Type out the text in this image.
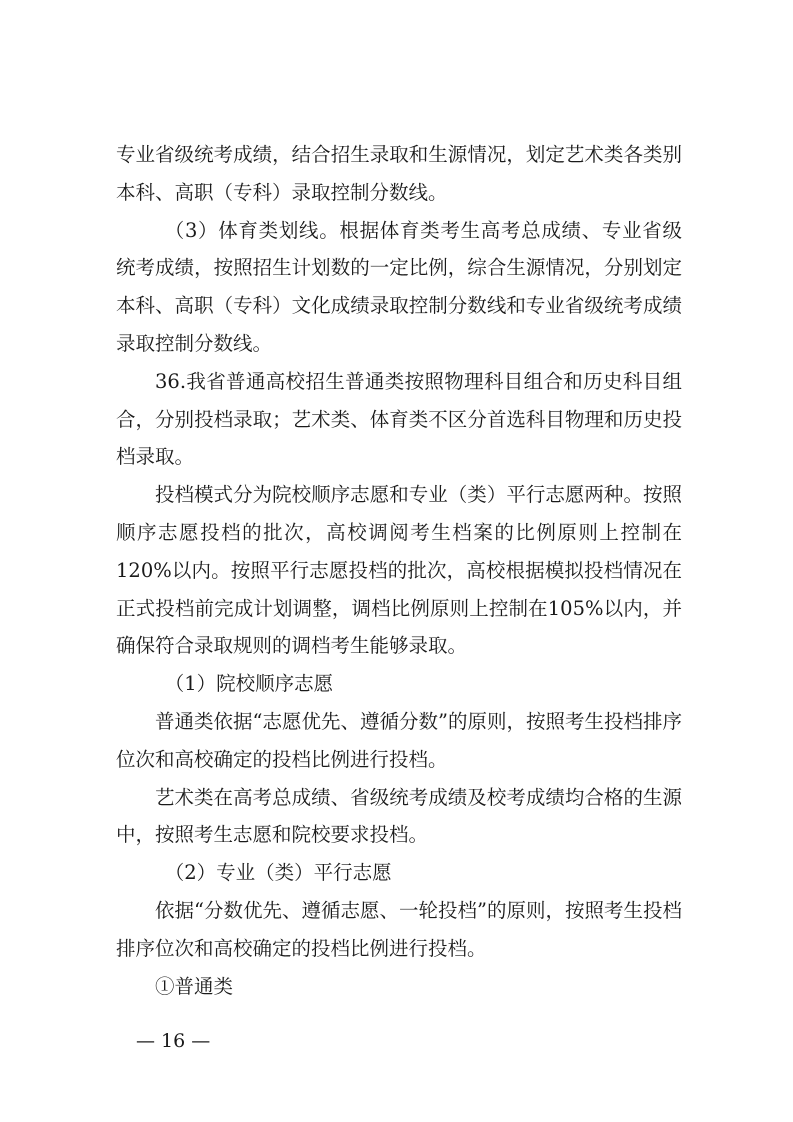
专业省级统考成绩，结合招生录取和生源情况，划定艺术类各类别本科、高职（专科）录取控制分数线。

（3）体育类划线。根据体育类考生高考总成绩、专业省级统考成绩，按照招生计划数的一定比例，综合生源情况，分别划定本科、高职（专科）文化成绩录取控制分数线和专业省级统考成绩录取控制分数线。

36.我省普通高校招生普通类按照物理科目组合和历史科目组合，分别投档录取；艺术类、体育类不区分首选科目物理和历史投档录取。

投档模式分为院校顺序志愿和专业（类）平行志愿两种。按照顺序志愿投档的批次，高校调阅考生档案的比例原则上控制在120%以内。按照平行志愿投档的批次，高校根据模拟投档情况在正式投档前完成计划调整，调档比例原则上控制在105%以内，并确保符合录取规则的调档考生能够录取。

（1）院校顺序志愿

普通类依据“志愿优先、遵循分数”的原则，按照考生投档排序位次和高校确定的投档比例进行投档。

艺术类在高考总成绩、省级统考成绩及校考成绩均合格的生源中，按照考生志愿和院校要求投档。

（2）专业（类）平行志愿

依据“分数优先、遵循志愿、一轮投档”的原则，按照考生投档排序位次和高校确定的投档比例进行投档。

①普通类

— 16 —
